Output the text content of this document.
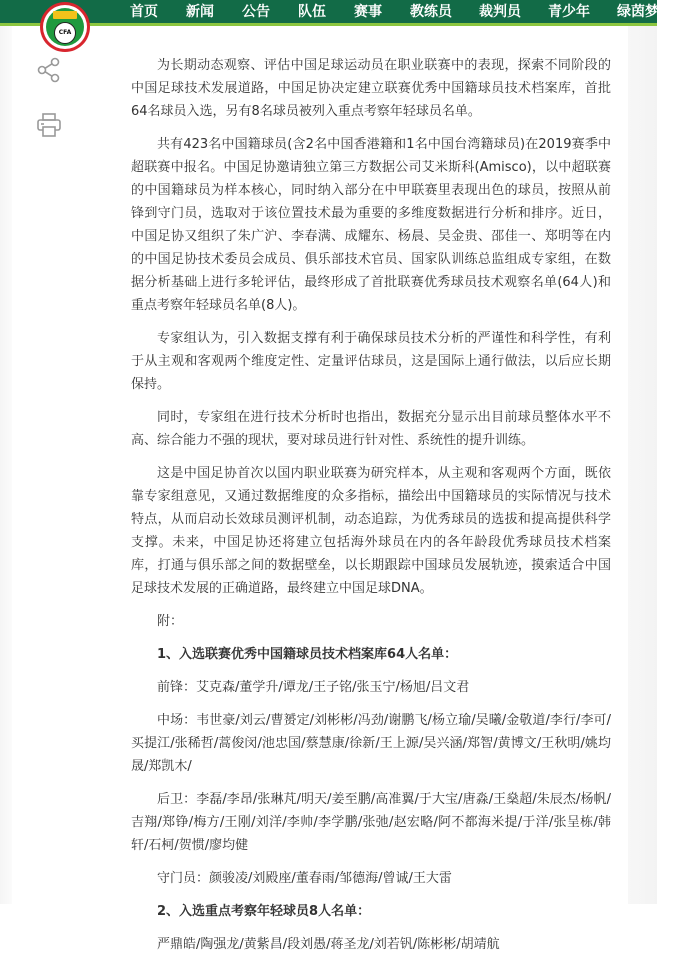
首页 新闻 公告 队伍 赛事 教练员 裁判员 青少年 绿茵梦想
CFA

为长期动态观察、评估中国足球运动员在职业联赛中的表现，探索不同阶段的中国足球技术发展道路，中国足协决定建立联赛优秀中国籍球员技术档案库，首批64名球员入选，另有8名球员被列入重点考察年轻球员名单。

共有423名中国籍球员(含2名中国香港籍和1名中国台湾籍球员)在2019赛季中超联赛中报名。中国足协邀请独立第三方数据公司艾米斯科(Amisco)，以中超联赛的中国籍球员为样本核心，同时纳入部分在中甲联赛里表现出色的球员，按照从前锋到守门员，选取对于该位置技术最为重要的多维度数据进行分析和排序。近日，中国足协又组织了朱广沪、李春满、成耀东、杨晨、吴金贵、邵佳一、郑明等在内的中国足协技术委员会成员、俱乐部技术官员、国家队训练总监组成专家组，在数据分析基础上进行多轮评估，最终形成了首批联赛优秀球员技术观察名单(64人)和重点考察年轻球员名单(8人)。

专家组认为，引入数据支撑有利于确保球员技术分析的严谨性和科学性，有利于从主观和客观两个维度定性、定量评估球员，这是国际上通行做法，以后应长期保持。

同时，专家组在进行技术分析时也指出，数据充分显示出目前球员整体水平不高、综合能力不强的现状，要对球员进行针对性、系统性的提升训练。

这是中国足协首次以国内职业联赛为研究样本，从主观和客观两个方面，既依靠专家组意见，又通过数据维度的众多指标，描绘出中国籍球员的实际情况与技术特点，从而启动长效球员测评机制，动态追踪，为优秀球员的选拔和提高提供科学支撑。未来，中国足协还将建立包括海外球员在内的各年龄段优秀球员技术档案库，打通与俱乐部之间的数据壁垒，以长期跟踪中国球员发展轨迹，摸索适合中国足球技术发展的正确道路，最终建立中国足球DNA。

附：

1、入选联赛优秀中国籍球员技术档案库64人名单：

前锋：艾克森/董学升/谭龙/王子铭/张玉宁/杨旭/吕文君

中场：韦世豪/刘云/曹赟定/刘彬彬/冯劲/谢鹏飞/杨立瑜/吴曦/金敬道/李行/李可/买提江/张稀哲/蒿俊闵/池忠国/蔡慧康/徐新/王上源/吴兴涵/郑智/黄博文/王秋明/姚均晟/郑凯木/

后卫：李磊/李昂/张琳芃/明天/姜至鹏/高准翼/于大宝/唐淼/王燊超/朱辰杰/杨帆/吉翔/郑铮/梅方/王刚/刘洋/李帅/李学鹏/张弛/赵宏略/阿不都海米提/于洋/张呈栋/韩轩/石柯/贺惯/廖均健

守门员：颜骏凌/刘殿座/董春雨/邹德海/曾诚/王大雷

2、入选重点考察年轻球员8人名单：

严鼎皓/陶强龙/黄紫昌/段刘愚/蒋圣龙/刘若钒/陈彬彬/胡靖航
